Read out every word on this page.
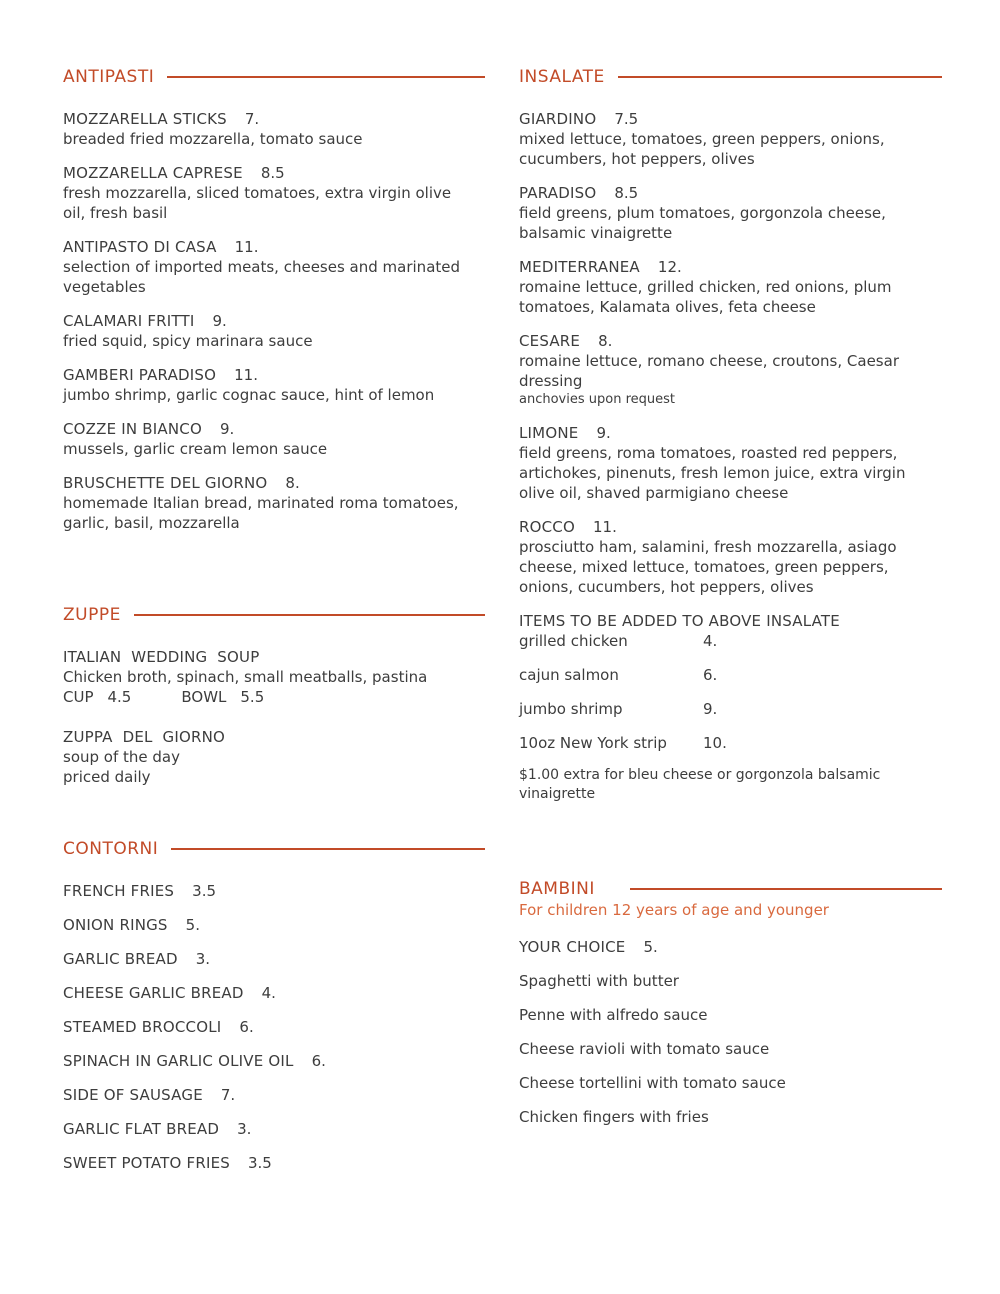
ANTIPASTI
MOZZARELLA STICKS 7.
breaded fried mozzarella, tomato sauce
MOZZARELLA CAPRESE 8.5
fresh mozzarella, sliced tomatoes, extra virgin olive oil, fresh basil
ANTIPASTO DI CASA 11.
selection of imported meats, cheeses and marinated vegetables
CALAMARI FRITTI 9.
fried squid, spicy marinara sauce
GAMBERI PARADISO 11.
jumbo shrimp, garlic cognac sauce, hint of lemon
COZZE IN BIANCO 9.
mussels, garlic cream lemon sauce
BRUSCHETTE DEL GIORNO 8.
homemade Italian bread, marinated roma tomatoes, garlic, basil, mozzarella
ZUPPE
ITALIAN  WEDDING  SOUP
Chicken broth, spinach, small meatballs, pastina
CUP 4.5	BOWL 5.5
ZUPPA  DEL  GIORNO
soup of the day
priced daily
CONTORNI
FRENCH FRIES 3.5
ONION RINGS 5.
GARLIC BREAD 3.
CHEESE GARLIC BREAD 4.
STEAMED BROCCOLI 6.
SPINACH IN GARLIC OLIVE OIL 6.
SIDE OF SAUSAGE 7.
GARLIC FLAT BREAD 3.
SWEET POTATO FRIES 3.5
INSALATE
GIARDINO 7.5
mixed lettuce, tomatoes, green peppers, onions, cucumbers, hot peppers, olives
PARADISO 8.5
field greens, plum tomatoes, gorgonzola cheese, balsamic vinaigrette
MEDITERRANEA 12.
romaine lettuce, grilled chicken, red onions, plum tomatoes, Kalamata olives, feta cheese
CESARE 8.
romaine lettuce, romano cheese, croutons, Caesar dressing
anchovies upon request
LIMONE 9.
field greens, roma tomatoes, roasted red peppers, artichokes, pinenuts, fresh lemon juice, extra virgin olive oil, shaved parmigiano cheese
ROCCO 11.
prosciutto ham, salamini, fresh mozzarella, asiago cheese, mixed lettuce, tomatoes, green peppers, onions, cucumbers, hot peppers, olives
ITEMS TO BE ADDED TO ABOVE INSALATE
grilled chicken	4.
cajun salmon	6.
jumbo shrimp	9.
10oz New York strip 10.
$1.00 extra for bleu cheese or gorgonzola balsamic vinaigrette
BAMBINI
For children 12 years of age and younger
YOUR CHOICE 5.
Spaghetti with butter
Penne with alfredo sauce
Cheese ravioli with tomato sauce
Cheese tortellini with tomato sauce
Chicken fingers with fries
